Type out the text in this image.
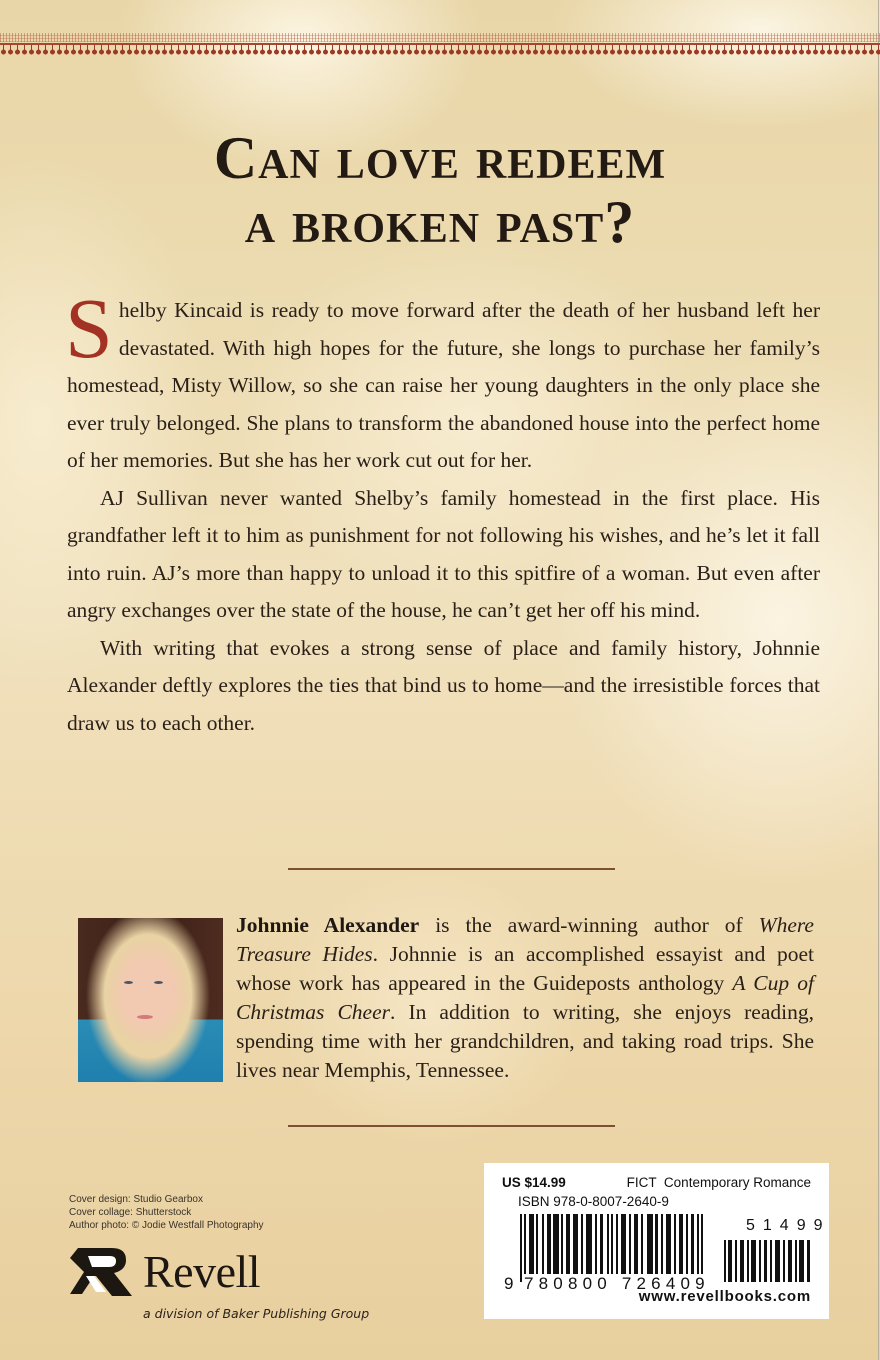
Can love redeem
a broken past?

Shelby Kincaid is ready to move forward after the death of her husband left her devastated. With high hopes for the future, she longs to purchase her family’s homestead, Misty Willow, so she can raise her young daughters in the only place she ever truly belonged. She plans to transform the abandoned house into the perfect home of her memories. But she has her work cut out for her.

AJ Sullivan never wanted Shelby’s family homestead in the first place. His grandfather left it to him as punishment for not following his wishes, and he’s let it fall into ruin. AJ’s more than happy to unload it to this spitfire of a woman. But even after angry exchanges over the state of the house, he can’t get her off his mind.

With writing that evokes a strong sense of place and family history, Johnnie Alexander deftly explores the ties that bind us to home—and the irresistible forces that draw us to each other.

Johnnie Alexander is the award-winning author of Where Treasure Hides. Johnnie is an accomplished essayist and poet whose work has appeared in the Guideposts anthology A Cup of Christmas Cheer. In addition to writing, she enjoys reading, spending time with her grandchildren, and taking road trips. She lives near Memphis, Tennessee.
Cover design: Studio Gearbox
Cover collage: Shutterstock
Author photo: © Jodie Westfall Photography
Revell
a division of Baker Publishing Group
US $14.99	FICT  Contemporary Romance
ISBN 978-0-8007-2640-9
9 780800 726409
51499
www.revellbooks.com
